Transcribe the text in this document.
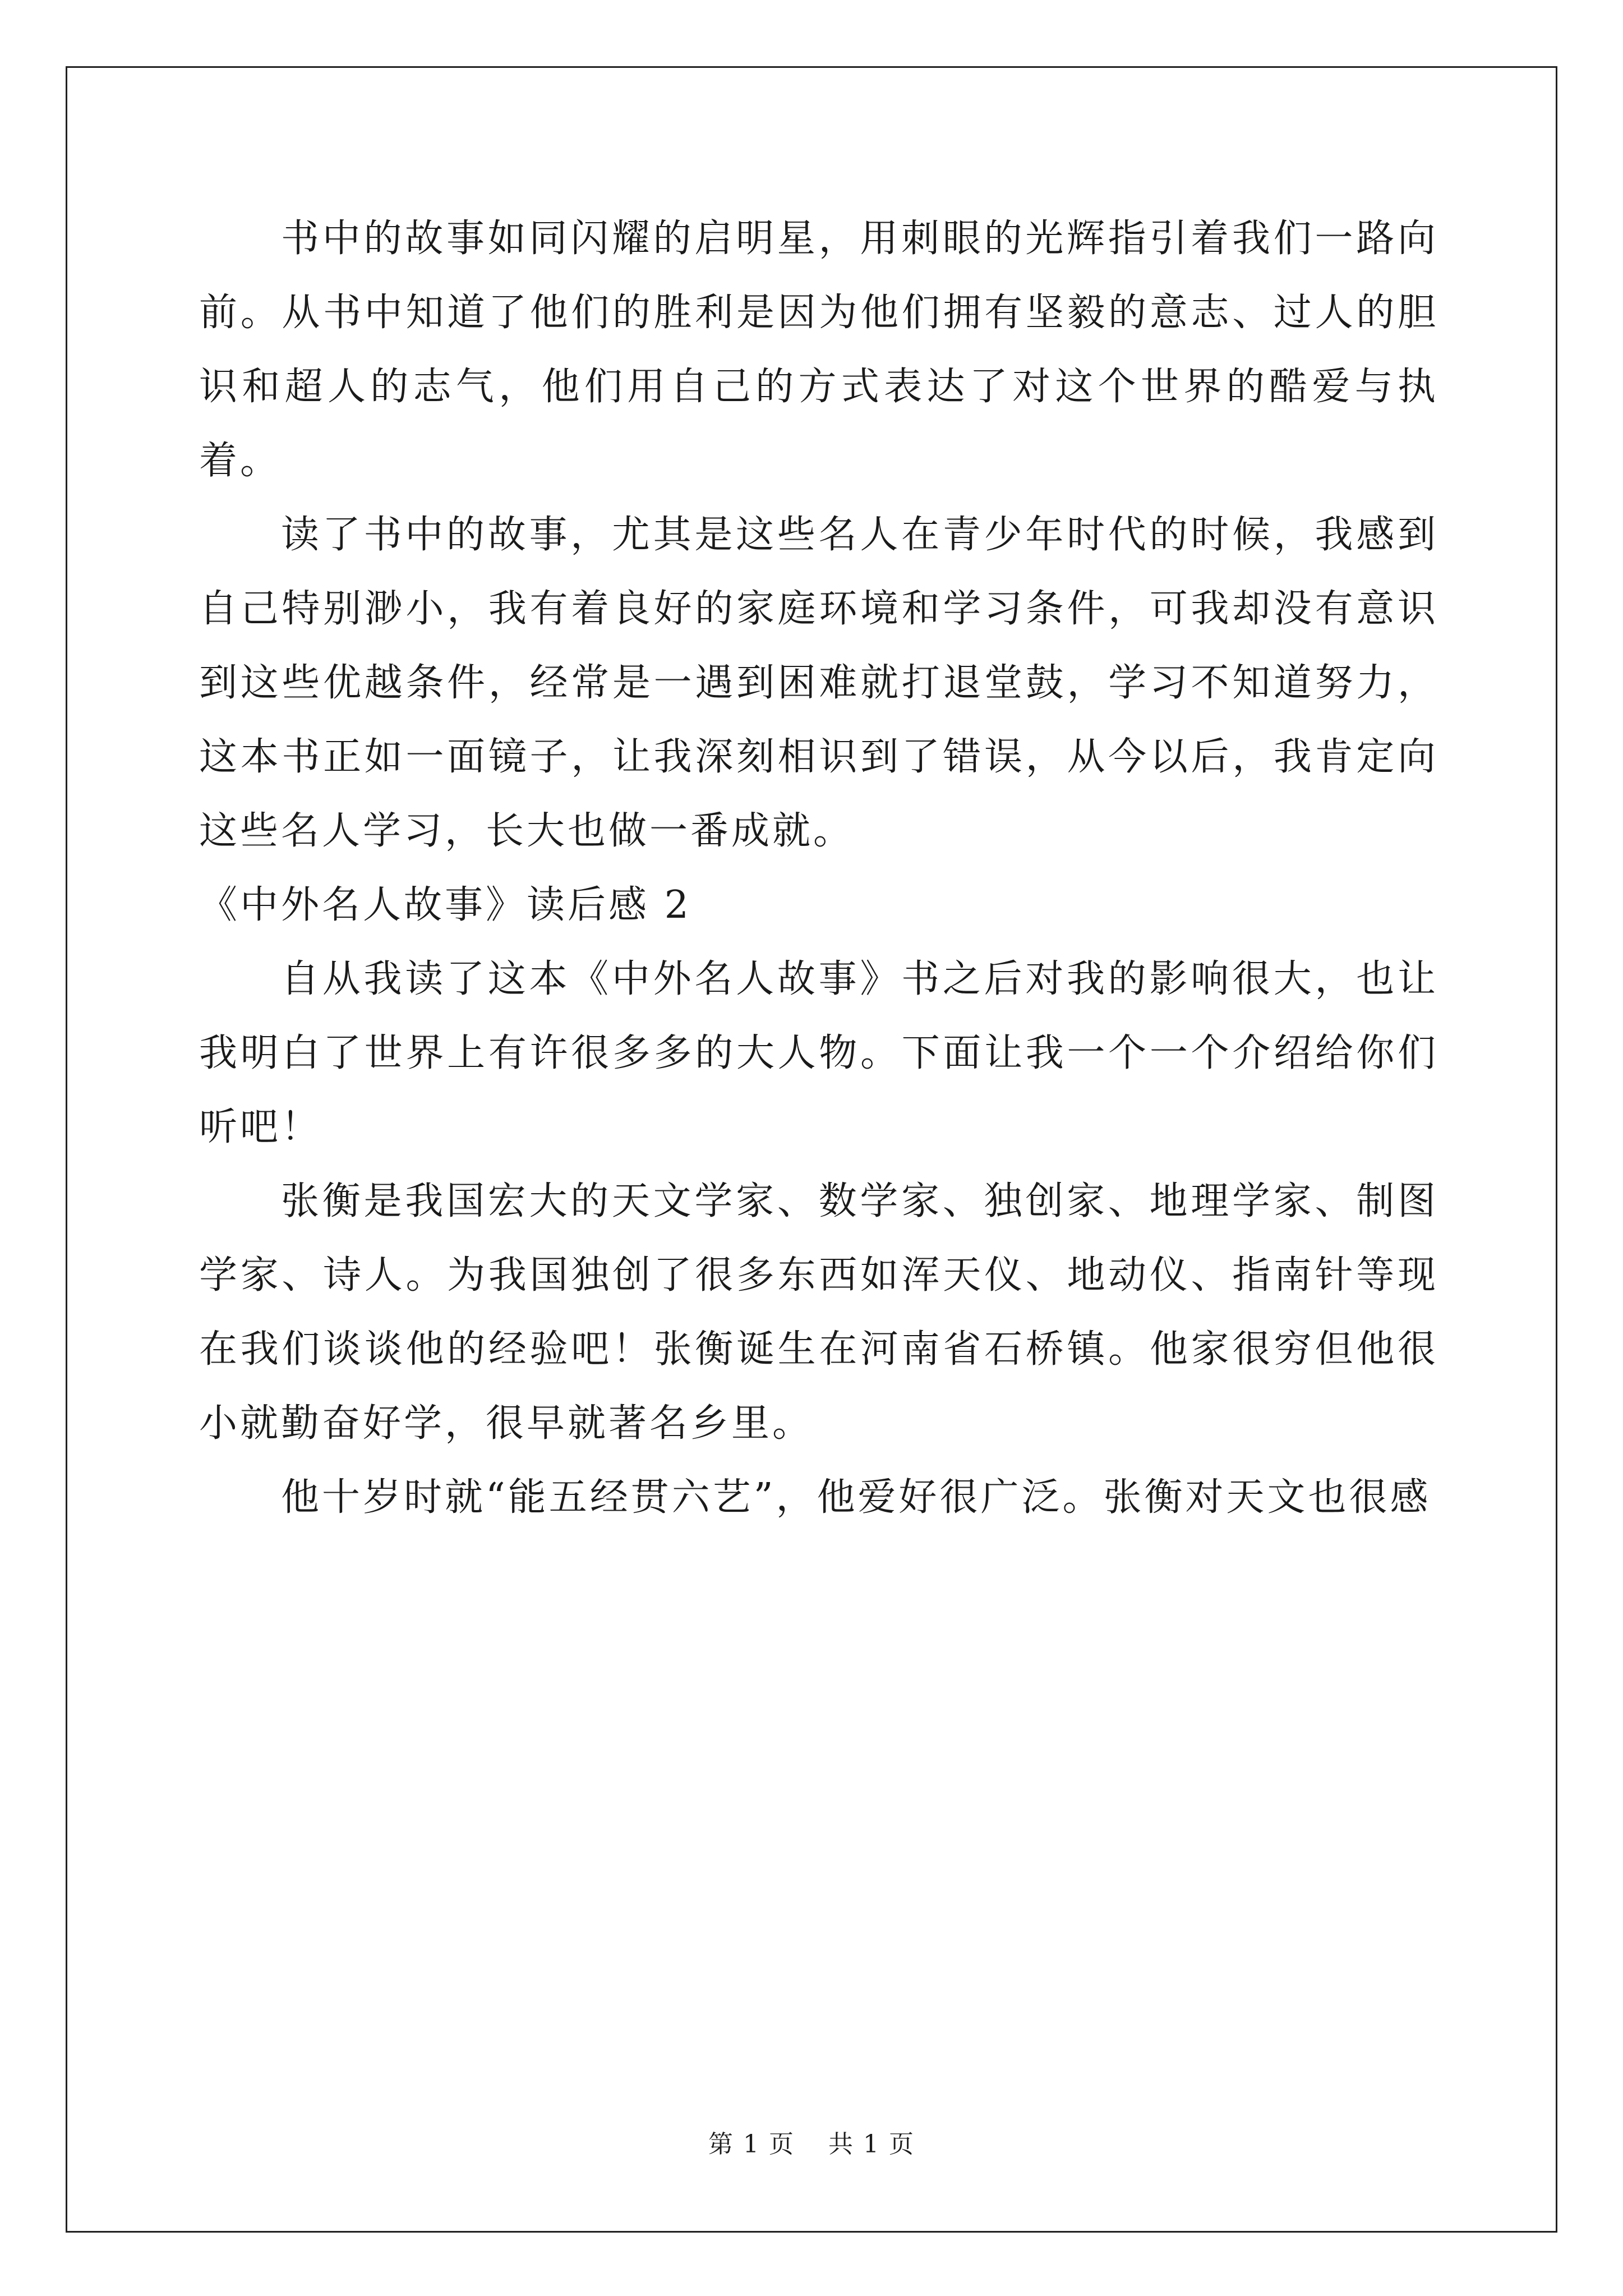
书中的故事如同闪耀的启明星，用刺眼的光辉指引着我们一路向前。从书中知道了他们的胜利是因为他们拥有坚毅的意志、过人的胆识和超人的志气，他们用自己的方式表达了对这个世界的酷爱与执着。

读了书中的故事，尤其是这些名人在青少年时代的时候，我感到自己特别渺小，我有着良好的家庭环境和学习条件，可我却没有意识到这些优越条件，经常是一遇到困难就打退堂鼓，学习不知道努力，这本书正如一面镜子，让我深刻相识到了错误，从今以后，我肯定向这些名人学习，长大也做一番成就。

《中外名人故事》读后感 2

自从我读了这本《中外名人故事》书之后对我的影响很大，也让我明白了世界上有许很多多的大人物。下面让我一个一个介绍给你们听吧！

张衡是我国宏大的天文学家、数学家、独创家、地理学家、制图学家、诗人。为我国独创了很多东西如浑天仪、地动仪、指南针等现在我们谈谈他的经验吧！张衡诞生在河南省石桥镇。他家很穷但他很小就勤奋好学，很早就著名乡里。

他十岁时就“能五经贯六艺”，他爱好很广泛。张衡对天文也很感

第 1 页 共 1 页
